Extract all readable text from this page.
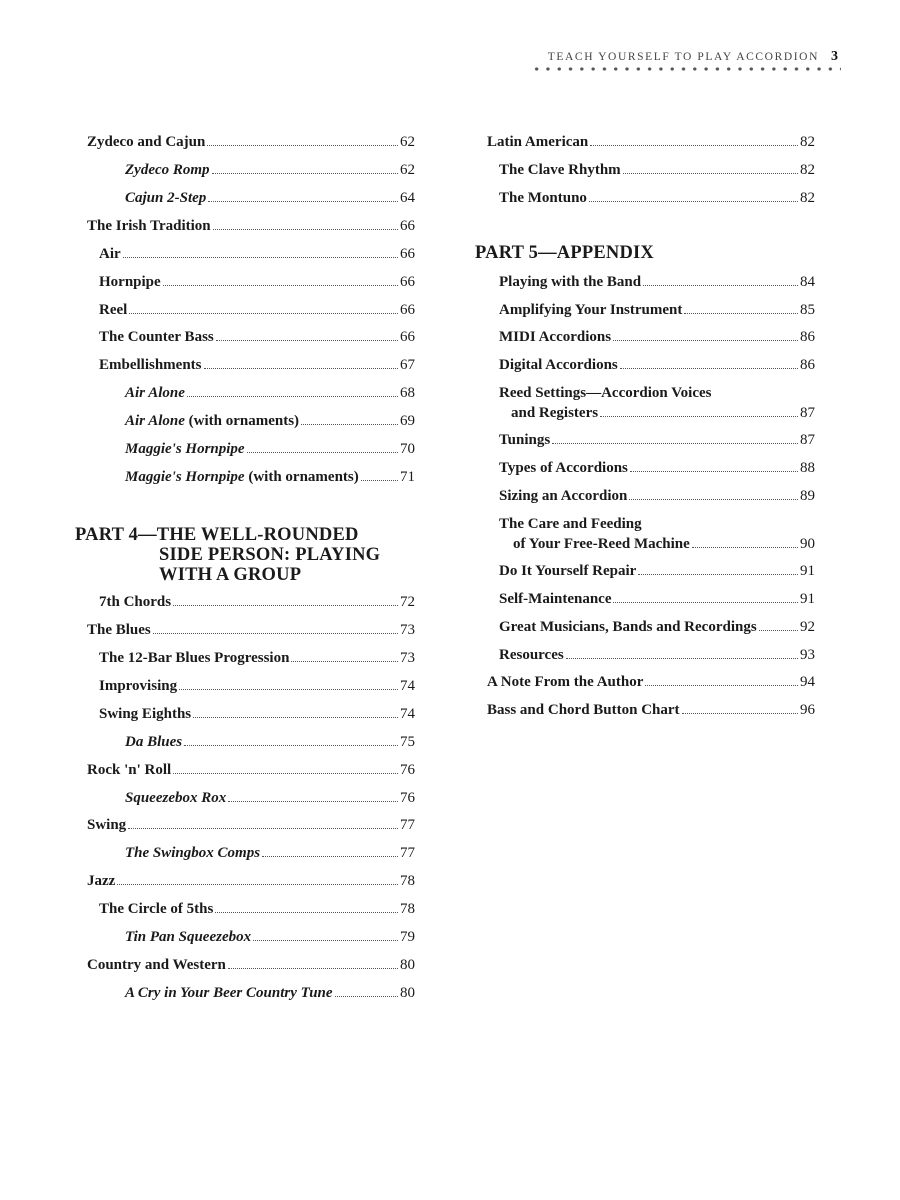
TEACH YOURSELF TO PLAY ACCORDION 3
Zydeco and Cajun	62
Zydeco Romp	62
Cajun 2-Step	64
The Irish Tradition	66
Air	66
Hornpipe	66
Reel	66
The Counter Bass	66
Embellishments	67
Air Alone	68
Air Alone (with ornaments)	69
Maggie's Hornpipe	70
Maggie's Hornpipe (with ornaments)	71
PART 4—THE WELL-ROUNDED
SIDE PERSON: PLAYING
WITH A GROUP
7th Chords	72
The Blues	73
The 12-Bar Blues Progression	73
Improvising	74
Swing Eighths	74
Da Blues	75
Rock 'n' Roll	76
Squeezebox Rox	76
Swing	77
The Swingbox Comps	77
Jazz	78
The Circle of 5ths	78
Tin Pan Squeezebox	79
Country and Western	80
A Cry in Your Beer Country Tune	80
Latin American	82
The Clave Rhythm	82
The Montuno	82
PART 5—APPENDIX
Playing with the Band	84
Amplifying Your Instrument	85
MIDI Accordions	86
Digital Accordions	86
Reed Settings—Accordion Voices
and Registers	87
Tunings	87
Types of Accordions	88
Sizing an Accordion	89
The Care and Feeding
of Your Free-Reed Machine	90
Do It Yourself Repair	91
Self-Maintenance	91
Great Musicians, Bands and Recordings	92
Resources	93
A Note From the Author	94
Bass and Chord Button Chart	96
